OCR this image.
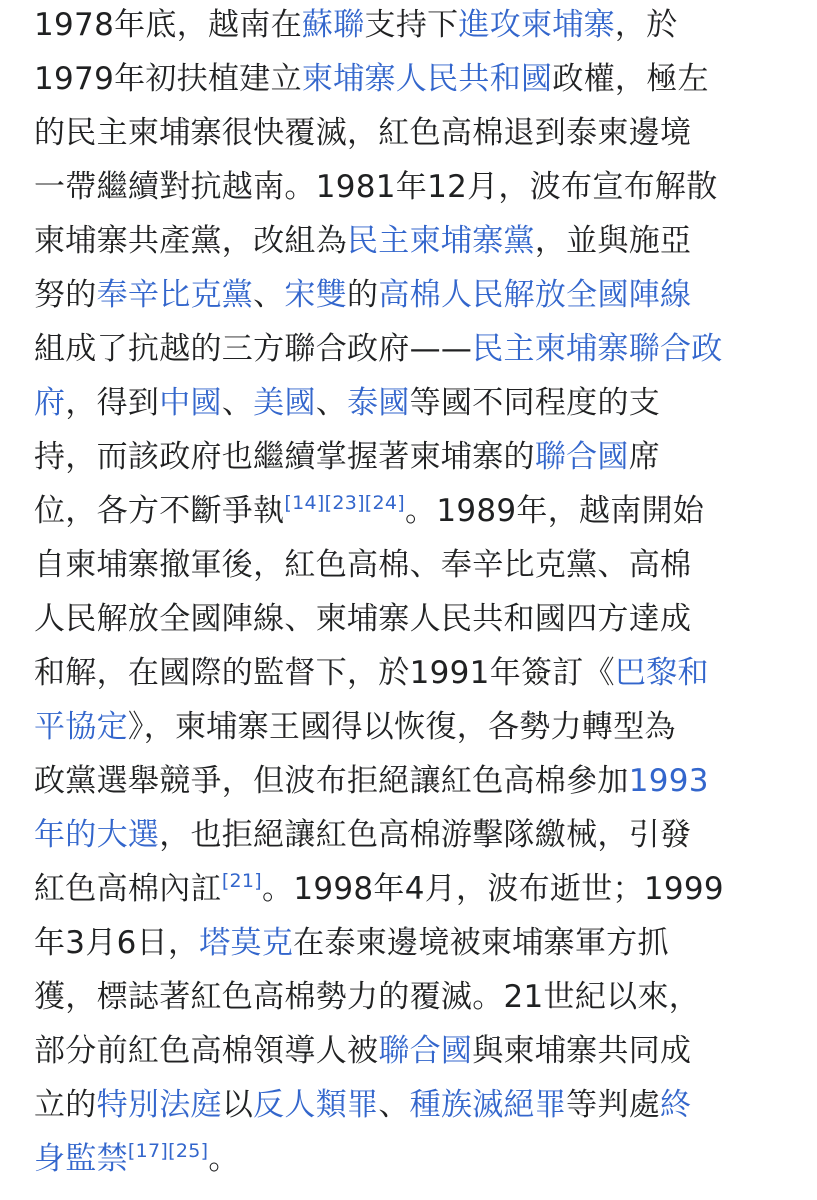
1978年底，越南在蘇聯支持下進攻柬埔寨，於
1979年初扶植建立柬埔寨人民共和國政權，極左
的民主柬埔寨很快覆滅，紅色高棉退到泰柬邊境
一帶繼續對抗越南。1981年12月，波布宣布解散
柬埔寨共產黨，改組為民主柬埔寨黨，並與施亞
努的奉辛比克黨、宋雙的高棉人民解放全國陣線
組成了抗越的三方聯合政府——民主柬埔寨聯合政
府，得到中國、美國、泰國等國不同程度的支
持，而該政府也繼續掌握著柬埔寨的聯合國席
位，各方不斷爭執[14][23][24]。1989年，越南開始
自柬埔寨撤軍後，紅色高棉、奉辛比克黨、高棉
人民解放全國陣線、柬埔寨人民共和國四方達成
和解，在國際的監督下，於1991年簽訂《巴黎和
平協定》，柬埔寨王國得以恢復，各勢力轉型為
政黨選舉競爭，但波布拒絕讓紅色高棉參加1993
年的大選，也拒絕讓紅色高棉游擊隊繳械，引發
紅色高棉內訌[21]。1998年4月，波布逝世；1999
年3月6日，塔莫克在泰柬邊境被柬埔寨軍方抓
獲，標誌著紅色高棉勢力的覆滅。21世紀以來，
部分前紅色高棉領導人被聯合國與柬埔寨共同成
立的特別法庭以反人類罪、種族滅絕罪等判處終
身監禁[17][25]。
